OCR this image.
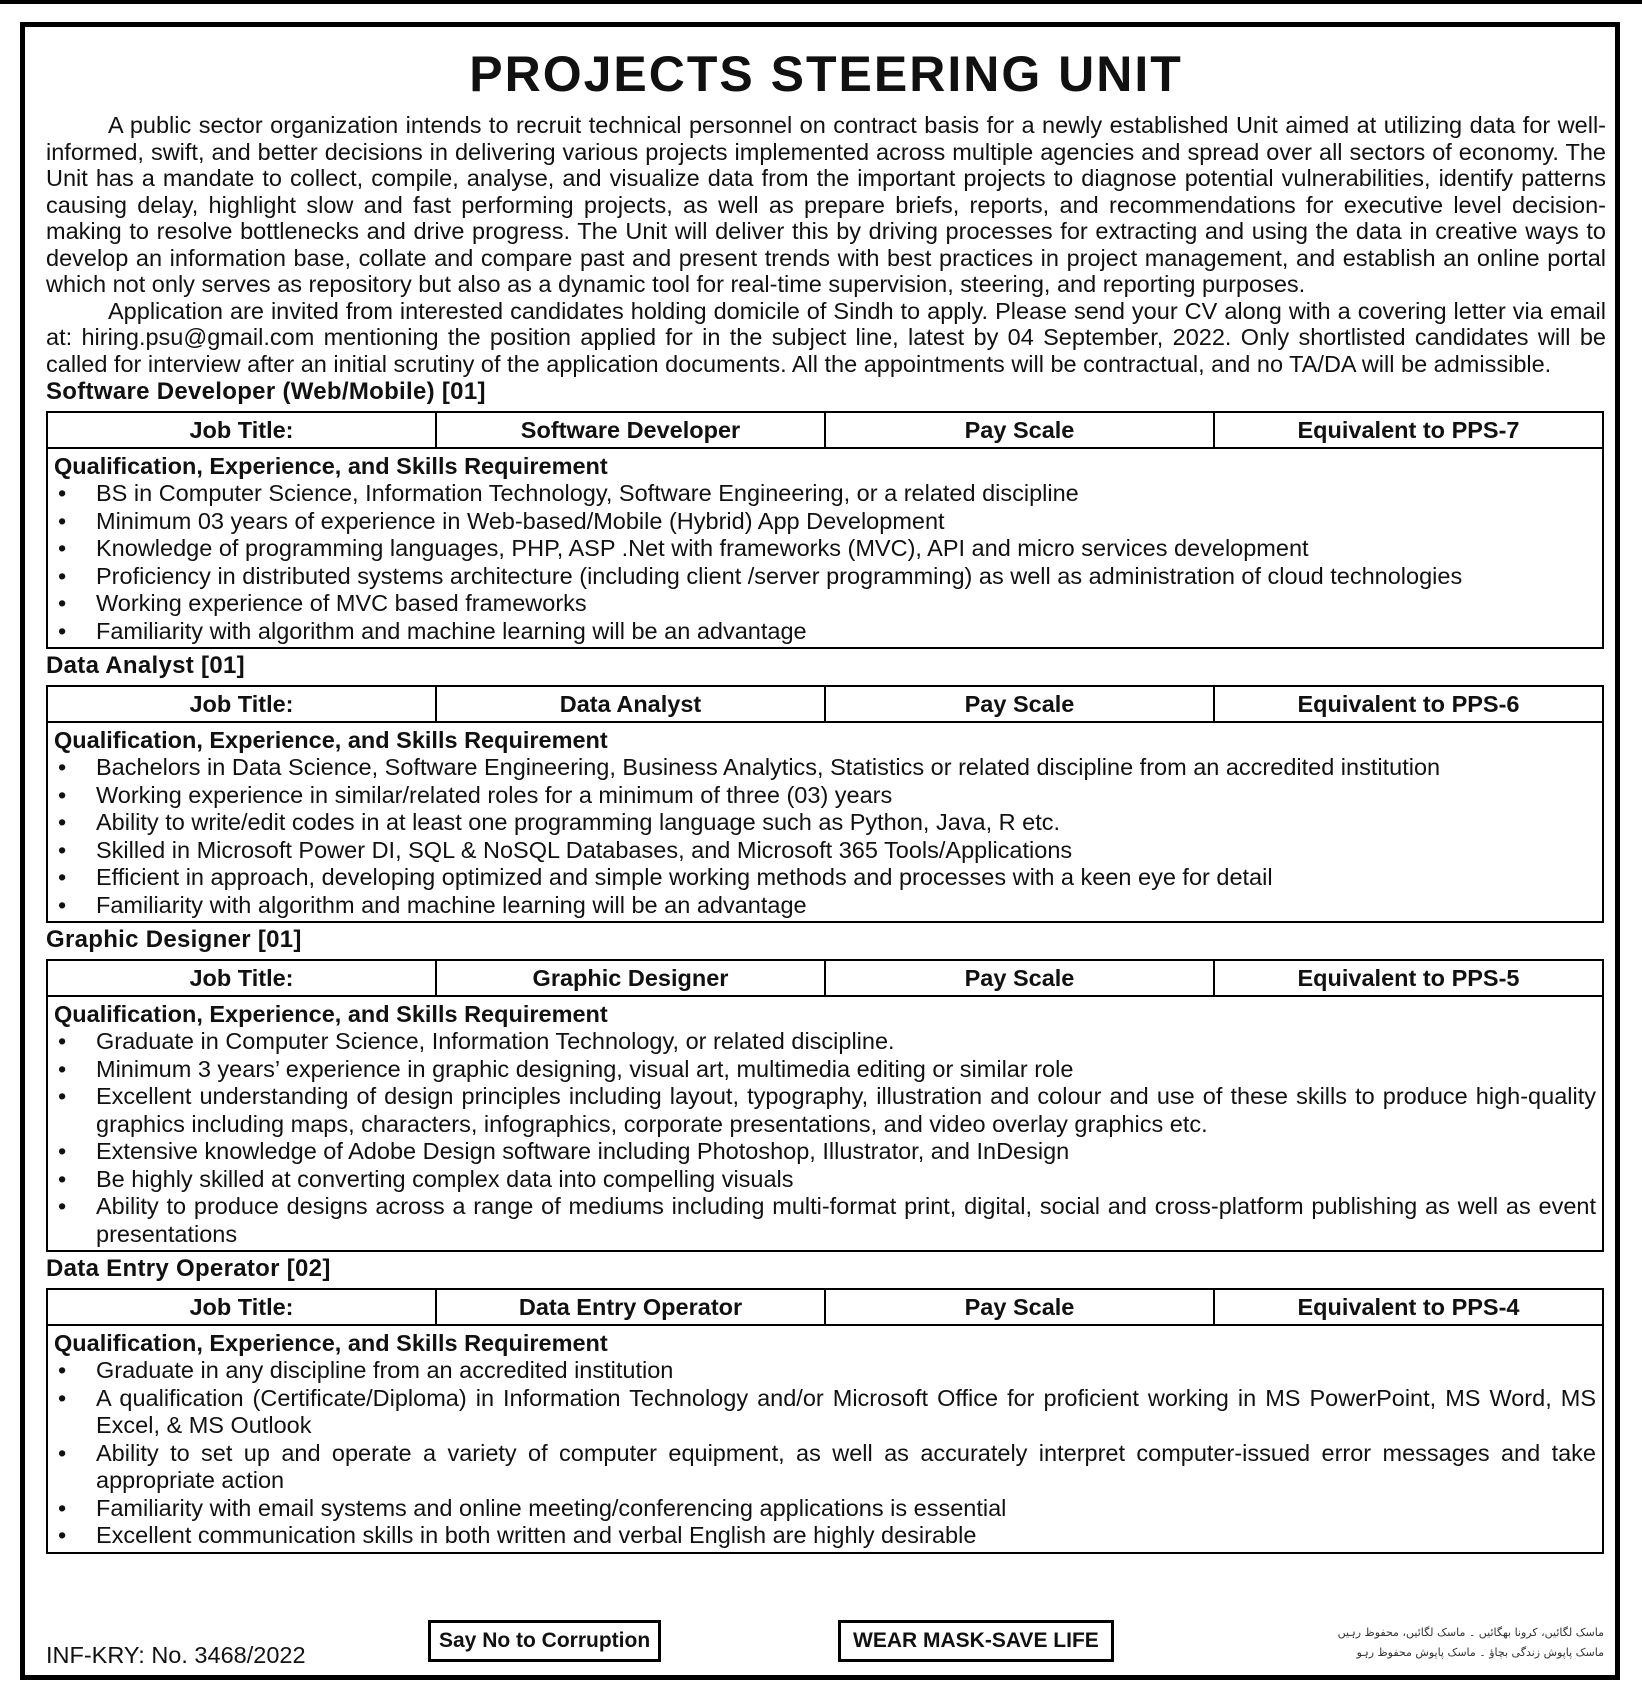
PROJECTS STEERING UNIT

A public sector organization intends to recruit technical personnel on contract basis for a newly established Unit aimed at utilizing data for well-informed, swift, and better decisions in delivering various projects implemented across multiple agencies and spread over all sectors of economy. The Unit has a mandate to collect, compile, analyse, and visualize data from the important projects to diagnose potential vulnerabilities, identify patterns causing delay, highlight slow and fast performing projects, as well as prepare briefs, reports, and recommendations for executive level decision-making to resolve bottlenecks and drive progress. The Unit will deliver this by driving processes for extracting and using the data in creative ways to develop an information base, collate and compare past and present trends with best practices in project management, and establish an online portal which not only serves as repository but also as a dynamic tool for real-time supervision, steering, and reporting purposes.

Application are invited from interested candidates holding domicile of Sindh to apply. Please send your CV along with a covering letter via email at: hiring.psu@gmail.com mentioning the position applied for in the subject line, latest by 04 September, 2022. Only shortlisted candidates will be called for interview after an initial scrutiny of the application documents. All the appointments will be contractual, and no TA/DA will be admissible.

Software Developer (Web/Mobile) [01]
Job Title:	Software Developer	Pay Scale	Equivalent to PPS-7
Qualification, Experience, and Skills Requirement
• BS in Computer Science, Information Technology, Software Engineering, or a related discipline
• Minimum 03 years of experience in Web-based/Mobile (Hybrid) App Development
• Knowledge of programming languages, PHP, ASP .Net with frameworks (MVC), API and micro services development
• Proficiency in distributed systems architecture (including client /server programming) as well as administration of cloud technologies
• Working experience of MVC based frameworks
• Familiarity with algorithm and machine learning will be an advantage
Data Analyst [01]
Job Title:	Data Analyst	Pay Scale	Equivalent to PPS-6
Qualification, Experience, and Skills Requirement
• Bachelors in Data Science, Software Engineering, Business Analytics, Statistics or related discipline from an accredited institution
• Working experience in similar/related roles for a minimum of three (03) years
• Ability to write/edit codes in at least one programming language such as Python, Java, R etc.
• Skilled in Microsoft Power DI, SQL & NoSQL Databases, and Microsoft 365 Tools/Applications
• Efficient in approach, developing optimized and simple working methods and processes with a keen eye for detail
• Familiarity with algorithm and machine learning will be an advantage
Graphic Designer [01]
Job Title:	Graphic Designer	Pay Scale	Equivalent to PPS-5
Qualification, Experience, and Skills Requirement
• Graduate in Computer Science, Information Technology, or related discipline.
• Minimum 3 years’ experience in graphic designing, visual art, multimedia editing or similar role
• Excellent understanding of design principles including layout, typography, illustration and colour and use of these skills to produce high-quality graphics including maps, characters, infographics, corporate presentations, and video overlay graphics etc.
• Extensive knowledge of Adobe Design software including Photoshop, Illustrator, and InDesign
• Be highly skilled at converting complex data into compelling visuals
• Ability to produce designs across a range of mediums including multi-format print, digital, social and cross-platform publishing as well as event presentations
Data Entry Operator [02]
Job Title:	Data Entry Operator	Pay Scale	Equivalent to PPS-4
Qualification, Experience, and Skills Requirement
• Graduate in any discipline from an accredited institution
• A qualification (Certificate/Diploma) in Information Technology and/or Microsoft Office for proficient working in MS PowerPoint, MS Word, MS Excel, & MS Outlook
• Ability to set up and operate a variety of computer equipment, as well as accurately interpret computer-issued error messages and take appropriate action
• Familiarity with email systems and online meeting/conferencing applications is essential
• Excellent communication skills in both written and verbal English are highly desirable
INF-KRY: No. 3468/2022
Say No to Corruption	WEAR MASK-SAVE LIFE	ماسک لگائیں، کرونا بھگائیں ۔ ماسک لگائیں، محفوظ رہیں
ماسک پاپوش زندگی بچاؤ ۔ ماسک پاپوش محفوظ رہو
